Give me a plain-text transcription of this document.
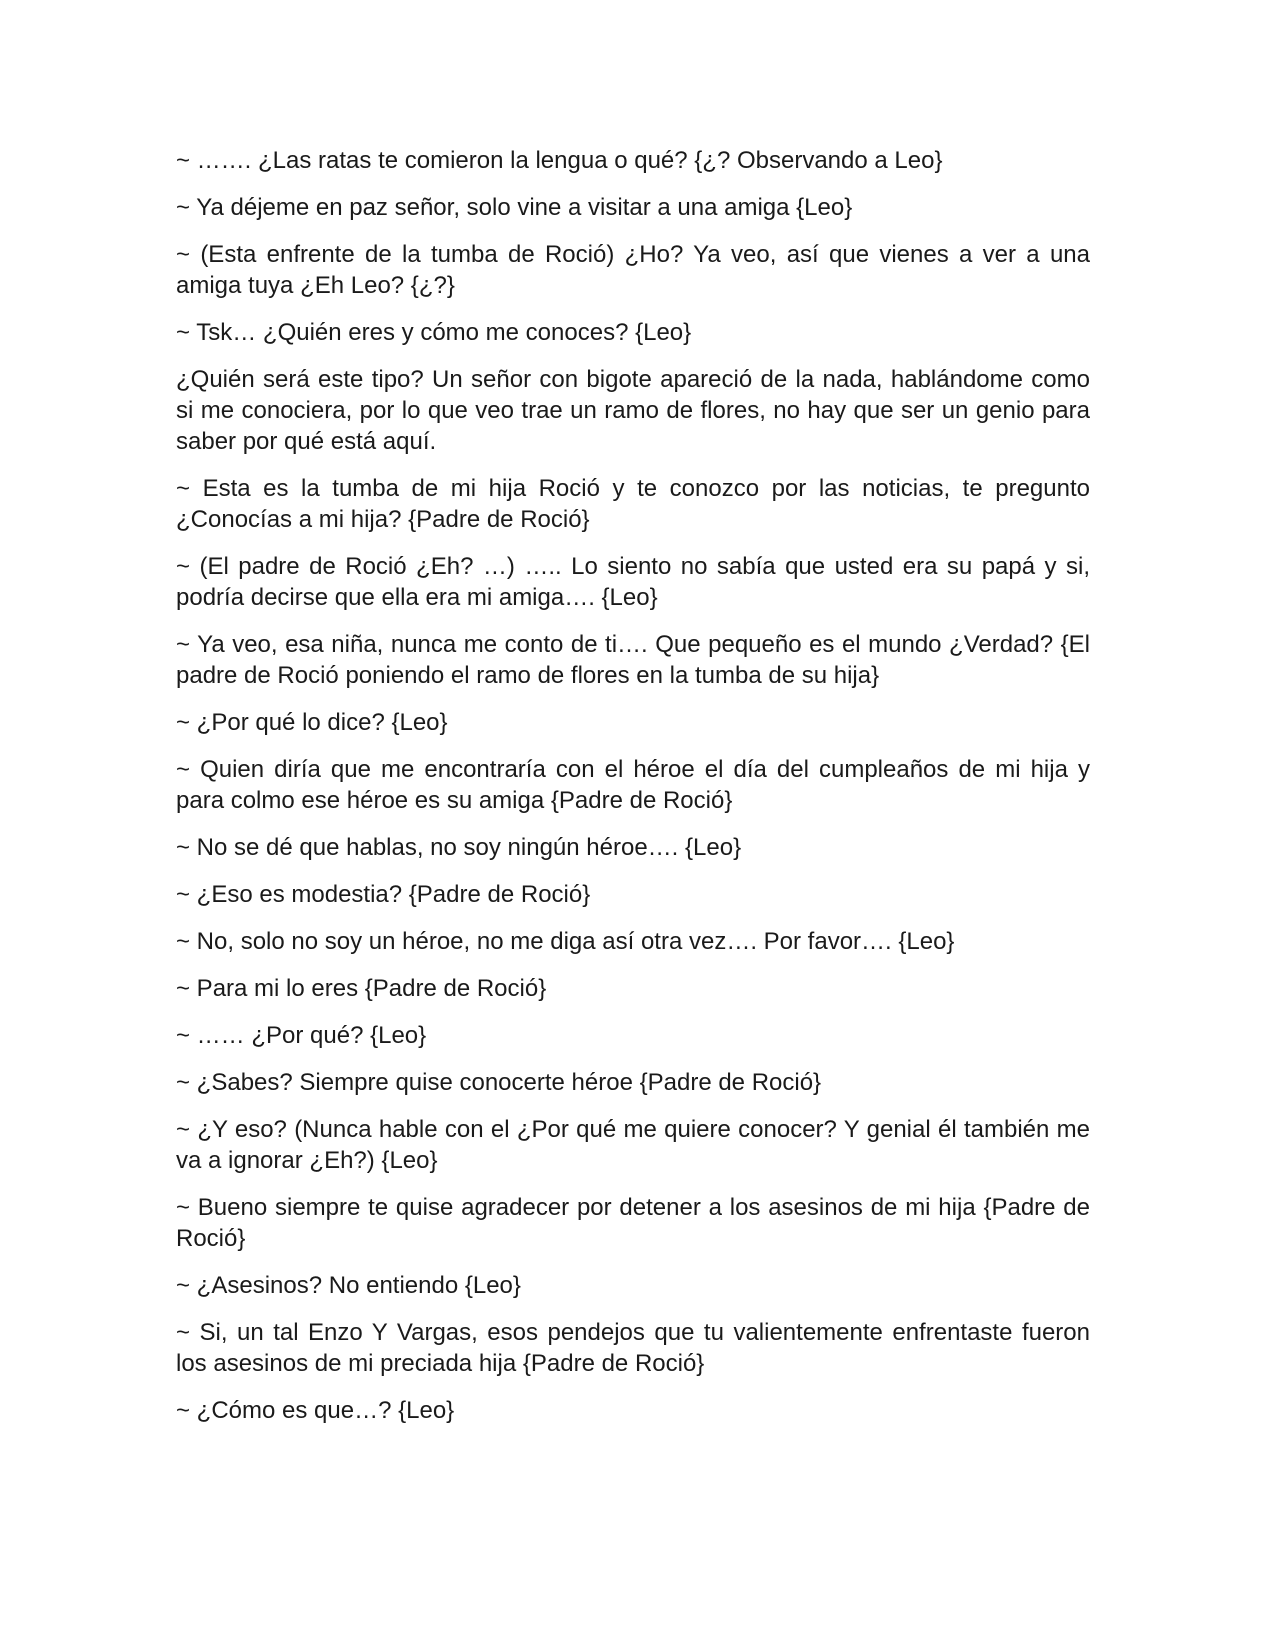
~ ……. ¿Las ratas te comieron la lengua o qué? {¿? Observando a Leo}

~ Ya déjeme en paz señor, solo vine a visitar a una amiga {Leo}

~ (Esta enfrente de la tumba de Roció) ¿Ho? Ya veo, así que vienes a ver a una amiga tuya ¿Eh Leo? {¿?}

~ Tsk… ¿Quién eres y cómo me conoces? {Leo}

¿Quién será este tipo? Un señor con bigote apareció de la nada, hablándome como si me conociera, por lo que veo trae un ramo de flores, no hay que ser un genio para saber por qué está aquí.

~ Esta es la tumba de mi hija Roció y te conozco por las noticias, te pregunto ¿Conocías a mi hija? {Padre de Roció}

~ (El padre de Roció ¿Eh? …) ….. Lo siento no sabía que usted era su papá y si, podría decirse que ella era mi amiga…. {Leo}

~ Ya veo, esa niña, nunca me conto de ti…. Que pequeño es el mundo ¿Verdad? {El padre de Roció poniendo el ramo de flores en la tumba de su hija}

~ ¿Por qué lo dice? {Leo}

~ Quien diría que me encontraría con el héroe el día del cumpleaños de mi hija y para colmo ese héroe es su amiga {Padre de Roció}

~ No se dé que hablas, no soy ningún héroe…. {Leo}

~ ¿Eso es modestia? {Padre de Roció}

~ No, solo no soy un héroe, no me diga así otra vez…. Por favor…. {Leo}

~ Para mi lo eres {Padre de Roció}

~ …… ¿Por qué? {Leo}

~ ¿Sabes? Siempre quise conocerte héroe {Padre de Roció}

~ ¿Y eso? (Nunca hable con el ¿Por qué me quiere conocer? Y genial él también me va a ignorar ¿Eh?) {Leo}

~ Bueno siempre te quise agradecer por detener a los asesinos de mi hija {Padre de Roció}

~ ¿Asesinos? No entiendo {Leo}

~ Si, un tal Enzo Y Vargas, esos pendejos que tu valientemente enfrentaste fueron los asesinos de mi preciada hija {Padre de Roció}

~ ¿Cómo es que…? {Leo}
